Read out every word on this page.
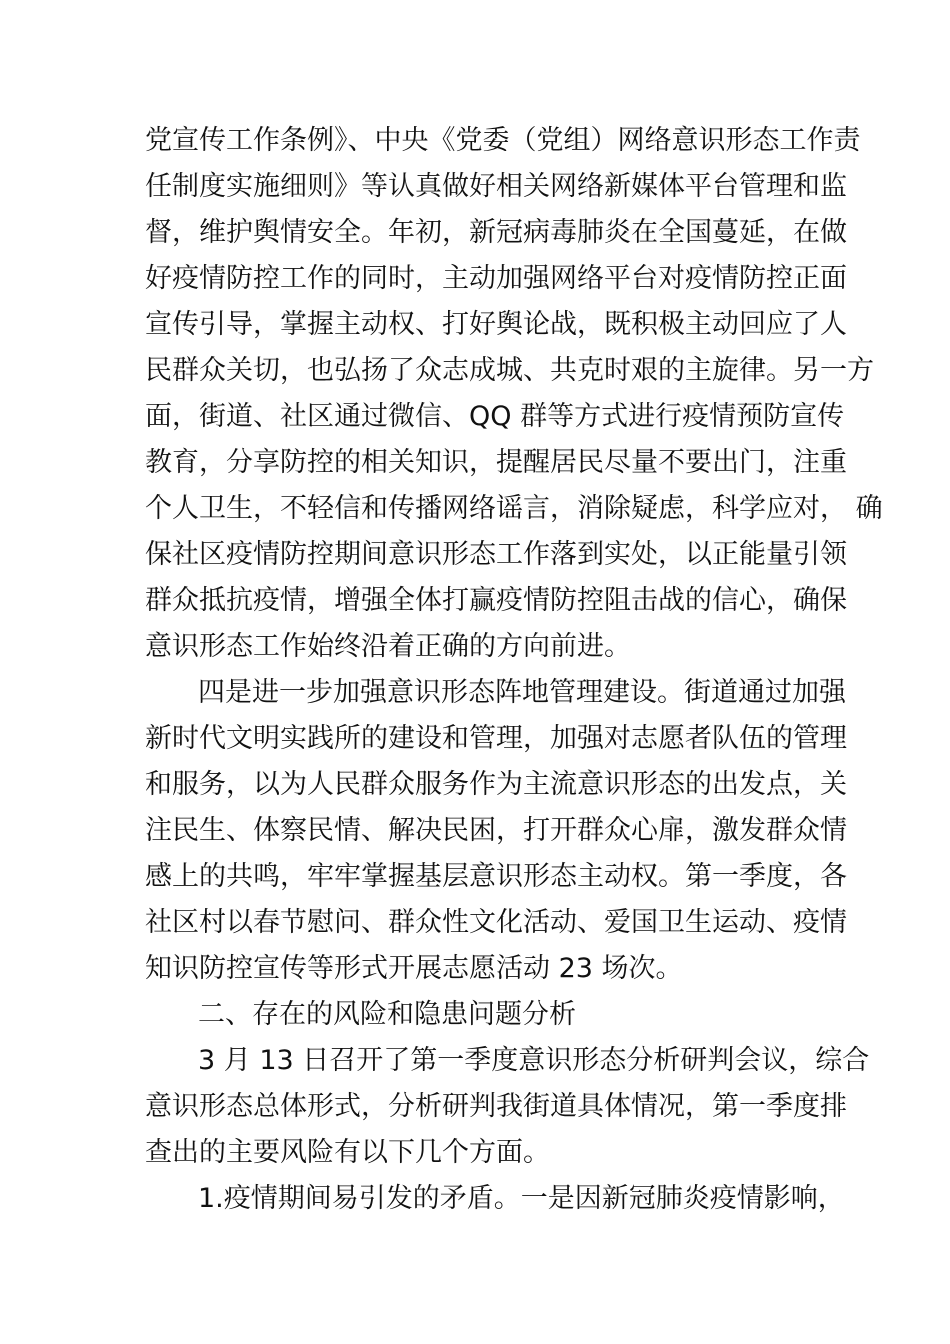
党宣传工作条例》、中央《党委（党组）网络意识形态工作责
任制度实施细则》等认真做好相关网络新媒体平台管理和监
督，维护舆情安全。年初，新冠病毒肺炎在全国蔓延，在做
好疫情防控工作的同时，主动加强网络平台对疫情防控正面
宣传引导，掌握主动权、打好舆论战，既积极主动回应了人
民群众关切，也弘扬了众志成城、共克时艰的主旋律。另一方
面，街道、社区通过微信、QQ 群等方式进行疫情预防宣传
教育，分享防控的相关知识，提醒居民尽量不要出门，注重
个人卫生，不轻信和传播网络谣言，消除疑虑，科学应对， 确
保社区疫情防控期间意识形态工作落到实处，以正能量引领
群众抵抗疫情，增强全体打赢疫情防控阻击战的信心，确保
意识形态工作始终沿着正确的方向前进。
四是进一步加强意识形态阵地管理建设。街道通过加强
新时代文明实践所的建设和管理，加强对志愿者队伍的管理
和服务，以为人民群众服务作为主流意识形态的出发点，关
注民生、体察民情、解决民困，打开群众心扉，激发群众情
感上的共鸣，牢牢掌握基层意识形态主动权。第一季度，各
社区村以春节慰问、群众性文化活动、爱国卫生运动、疫情
知识防控宣传等形式开展志愿活动 23 场次。
二、存在的风险和隐患问题分析
3 月 13 日召开了第一季度意识形态分析研判会议，综合
意识形态总体形式，分析研判我街道具体情况，第一季度排
查出的主要风险有以下几个方面。
1.疫情期间易引发的矛盾。一是因新冠肺炎疫情影响，
